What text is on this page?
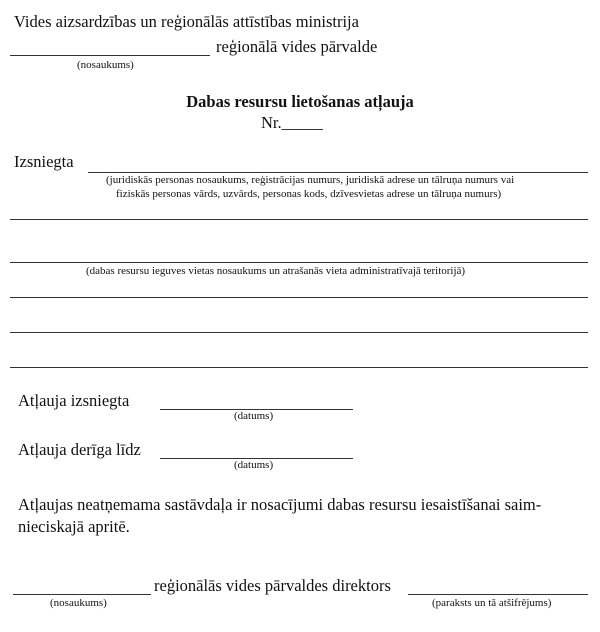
Vides aizsardzības un reģionālās attīstības ministrija
reģionālā vides pārvalde
(nosaukums)
Dabas resursu lietošanas atļauja
Nr._____
Izsniegta
(juridiskās personas nosaukums, reģistrācijas numurs, juridiskā adrese un tālruņa numurs vai
fiziskās personas vārds, uzvārds, personas kods, dzīvesvietas adrese un tālruņa numurs)
(dabas resursu ieguves vietas nosaukums un atrašanās vieta administratīvajā teritorijā)
Atļauja izsniegta
(datums)
Atļauja derīga līdz
(datums)
Atļaujas neatņemama sastāvdaļa ir nosacījumi dabas resursu iesaistīšanai saim-
nieciskajā apritē.
reģionālās vides pārvaldes direktors
(nosaukums)	(paraksts un tā atšifrējums)
